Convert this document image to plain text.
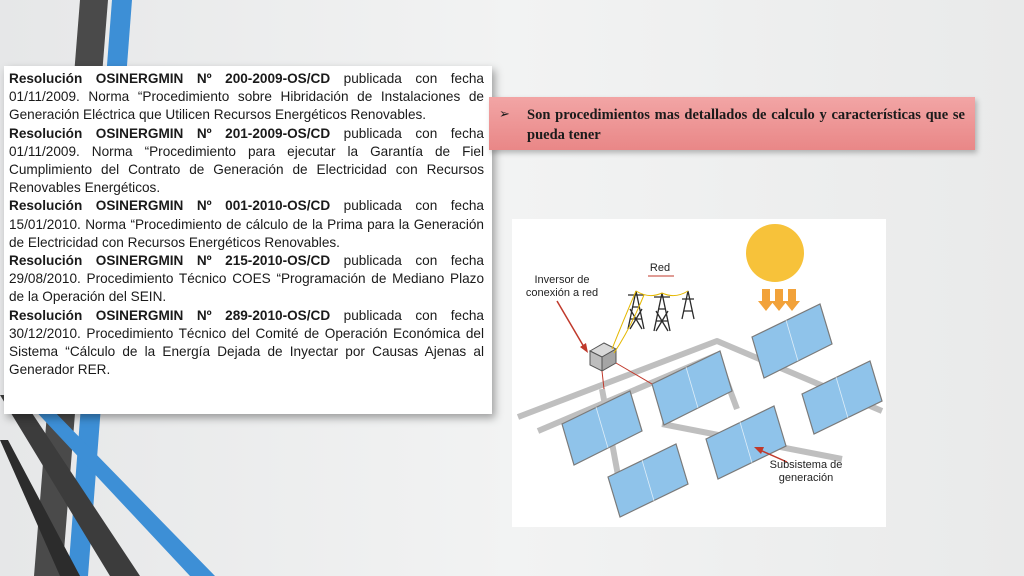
Resolución OSINERGMIN Nº 200-2009-OS/CD publicada con fecha 01/11/2009. Norma “Procedimiento sobre Hibridación de Instalaciones de Generación Eléctrica que Utilicen Recursos Energéticos Renovables.

Resolución OSINERGMIN Nº 201-2009-OS/CD publicada con fecha 01/11/2009. Norma “Procedimiento para ejecutar la Garantía de Fiel Cumplimiento del Contrato de Generación de Electricidad con Recursos Renovables Energéticos.

Resolución OSINERGMIN Nº 001-2010-OS/CD publicada con fecha 15/01/2010. Norma “Procedimiento de cálculo de la Prima para la Generación de Electricidad con Recursos Energéticos Renovables.

Resolución OSINERGMIN Nº 215-2010-OS/CD publicada con fecha 29/08/2010. Procedimiento Técnico COES “Programación de Mediano Plazo de la Operación del SEIN.

Resolución OSINERGMIN Nº 289-2010-OS/CD publicada con fecha 30/12/2010. Procedimiento Técnico del Comité de Operación Económica del Sistema “Cálculo de la Energía Dejada de Inyectar por Causas Ajenas al Generador RER.

➢ Son procedimientos mas detallados de calculo y características que se pueda tener
Inversor de conexión a red
Red
Subsistema de generación
